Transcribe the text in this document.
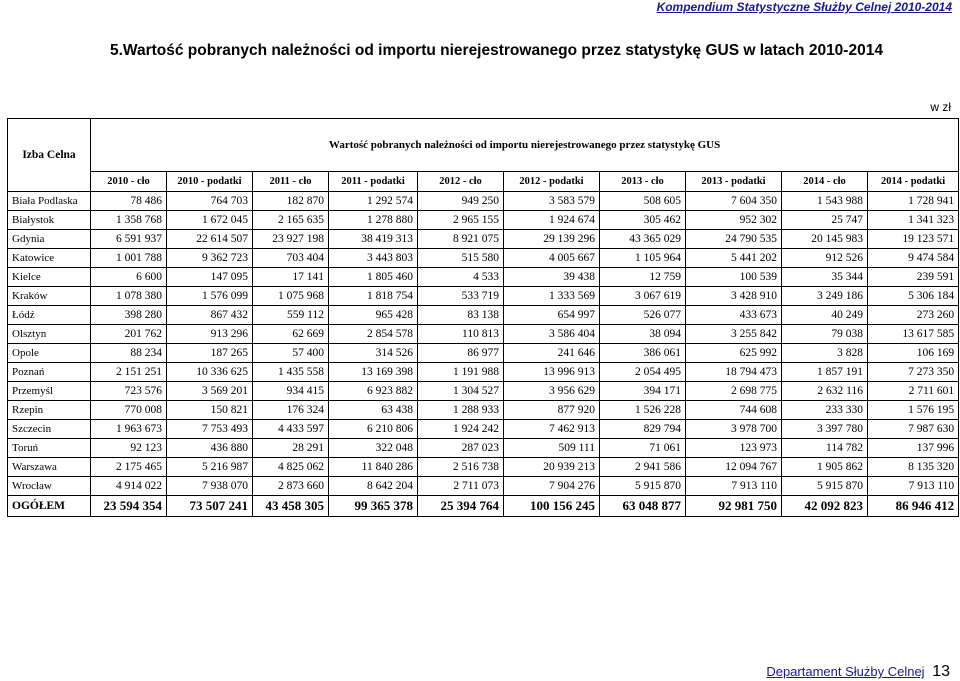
Kompendium Statystyczne Służby Celnej 2010-2014
5.Wartość pobranych należności od importu nierejestrowanego przez statystykę GUS w latach 2010-2014
w zł
Izba Celna	Wartość pobranych należności od importu nierejestrowanego przez statystykę GUS									
	2010 - cło	2010 - podatki	2011 - cło	2011 - podatki	2012 - cło	2012 - podatki	2013 - cło	2013 - podatki	2014 - cło	2014 - podatki
Biała Podlaska	78 486	764 703	182 870	1 292 574	949 250	3 583 579	508 605	7 604 350	1 543 988	1 728 941
Białystok	1 358 768	1 672 045	2 165 635	1 278 880	2 965 155	1 924 674	305 462	952 302	25 747	1 341 323
Gdynia	6 591 937	22 614 507	23 927 198	38 419 313	8 921 075	29 139 296	43 365 029	24 790 535	20 145 983	19 123 571
Katowice	1 001 788	9 362 723	703 404	3 443 803	515 580	4 005 667	1 105 964	5 441 202	912 526	9 474 584
Kielce	6 600	147 095	17 141	1 805 460	4 533	39 438	12 759	100 539	35 344	239 591
Kraków	1 078 380	1 576 099	1 075 968	1 818 754	533 719	1 333 569	3 067 619	3 428 910	3 249 186	5 306 184
Łódź	398 280	867 432	559 112	965 428	83 138	654 997	526 077	433 673	40 249	273 260
Olsztyn	201 762	913 296	62 669	2 854 578	110 813	3 586 404	38 094	3 255 842	79 038	13 617 585
Opole	88 234	187 265	57 400	314 526	86 977	241 646	386 061	625 992	3 828	106 169
Poznań	2 151 251	10 336 625	1 435 558	13 169 398	1 191 988	13 996 913	2 054 495	18 794 473	1 857 191	7 273 350
Przemyśl	723 576	3 569 201	934 415	6 923 882	1 304 527	3 956 629	394 171	2 698 775	2 632 116	2 711 601
Rzepin	770 008	150 821	176 324	63 438	1 288 933	877 920	1 526 228	744 608	233 330	1 576 195
Szczecin	1 963 673	7 753 493	4 433 597	6 210 806	1 924 242	7 462 913	829 794	3 978 700	3 397 780	7 987 630
Toruń	92 123	436 880	28 291	322 048	287 023	509 111	71 061	123 973	114 782	137 996
Warszawa	2 175 465	5 216 987	4 825 062	11 840 286	2 516 738	20 939 213	2 941 586	12 094 767	1 905 862	8 135 320
Wrocław	4 914 022	7 938 070	2 873 660	8 642 204	2 711 073	7 904 276	5 915 870	7 913 110	5 915 870	7 913 110
OGÓŁEM	23 594 354	73 507 241	43 458 305	99 365 378	25 394 764	100 156 245	63 048 877	92 981 750	42 092 823	86 946 412
Departament Służby Celnej 13
